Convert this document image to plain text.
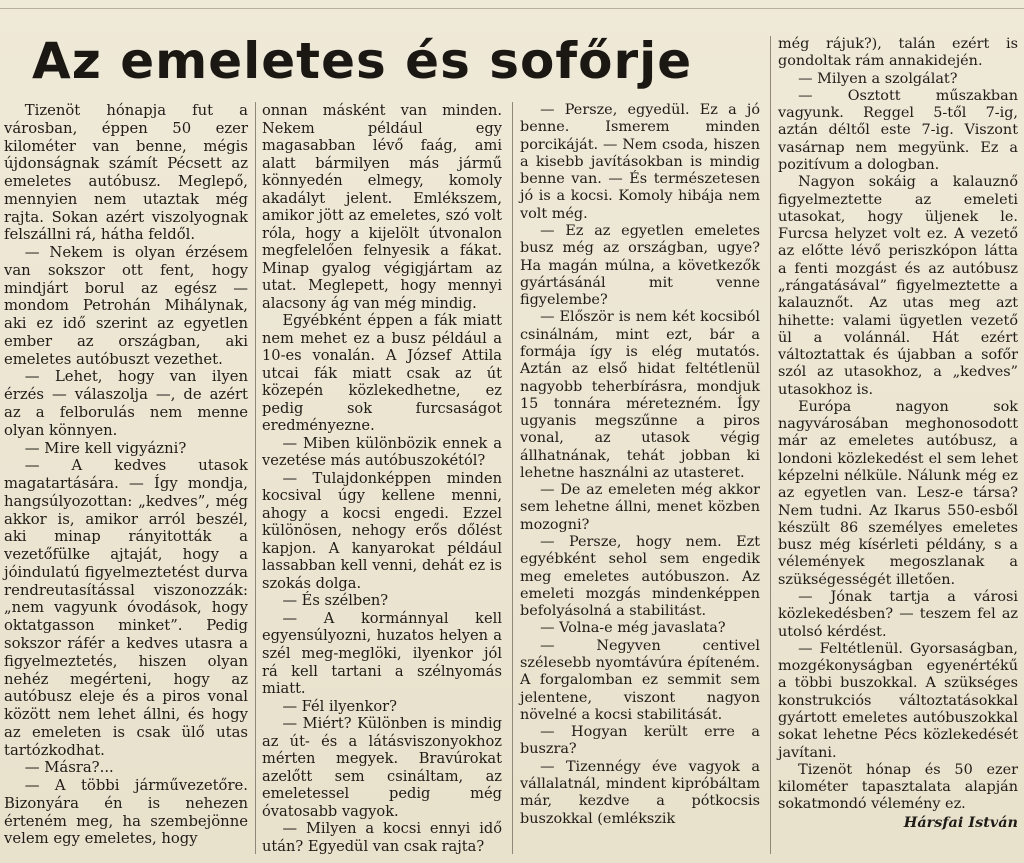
Az emeletes és sofőrje

Tizenöt hónapja fut a városban, éppen 50 ezer kilométer van benne, mégis újdonságnak számít Pécsett az emeletes autóbusz. Meglepő, mennyien nem utaztak még rajta. Sokan azért viszolyognak felszállni rá, hátha feldől.

— Nekem is olyan érzésem van sokszor ott fent, hogy mindjárt borul az egész — mondom Petrohán Mihálynak, aki ez idő szerint az egyetlen ember az országban, aki emeletes autóbuszt vezethet.

— Lehet, hogy van ilyen érzés — válaszolja —, de azért az a felborulás nem menne olyan könnyen.

— Mire kell vigyázni?

— A kedves utasok magatartására. — Így mondja, hangsúlyozottan: „kedves”, még akkor is, amikor arról beszél, aki minap rányitották a vezetőfülke ajtaját, hogy a jóindulatú figyelmeztetést durva rendreutasítással viszonozzák: „nem vagyunk óvodások, hogy oktatgasson minket”. Pedig sokszor ráfér a kedves utasra a figyelmeztetés, hiszen olyan nehéz megérteni, hogy az autóbusz eleje és a piros vonal között nem lehet állni, és hogy az emeleten is csak ülő utas tartózkodhat.

— Másra?...

— A többi járművezetőre. Bizonyára én is nehezen érteném meg, ha szembejönne velem egy emeletes, hogy

onnan másként van minden. Nekem például egy magasabban lévő faág, ami alatt bármilyen más jármű könnyedén elmegy, komoly akadályt jelent. Emlékszem, amikor jött az emeletes, szó volt róla, hogy a kijelölt útvonalon megfelelően felnyesik a fákat. Minap gyalog végigjártam az utat. Meglepett, hogy mennyi alacsony ág van még mindig.

Egyébként éppen a fák miatt nem mehet ez a busz például a 10-es vonalán. A József Attila utcai fák miatt csak az út közepén közlekedhetne, ez pedig sok furcsaságot eredményezne.

— Miben különbözik ennek a vezetése más autóbuszokétól?

— Tulajdonképpen minden kocsival úgy kellene menni, ahogy a kocsi engedi. Ezzel különösen, nehogy erős dőlést kapjon. A kanyarokat például lassabban kell venni, dehát ez is szokás dolga.

— És szélben?

— A kormánnyal kell egyensúlyozni, huzatos helyen a szél meg-meglöki, ilyenkor jól rá kell tartani a szélnyomás miatt.

— Fél ilyenkor?

— Miért? Különben is mindig az út- és a látásviszonyokhoz mérten megyek. Bravúrokat azelőtt sem csináltam, az emeletessel pedig még óvatosabb vagyok.

— Milyen a kocsi ennyi idő után? Egyedül van csak rajta?

— Persze, egyedül. Ez a jó benne. Ismerem minden porcikáját. — Nem csoda, hiszen a kisebb javításokban is mindig benne van. — És természetesen jó is a kocsi. Komoly hibája nem volt még.

— Ez az egyetlen emeletes busz még az országban, ugye? Ha magán múlna, a következők gyártásánál mit venne figyelembe?

— Először is nem két kocsiból csinálnám, mint ezt, bár a formája így is elég mutatós. Aztán az első hidat feltétlenül nagyobb teherbírásra, mondjuk 15 tonnára méretezném. Így ugyanis megszűnne a piros vonal, az utasok végig állhatnának, tehát jobban ki lehetne használni az utasteret.

— De az emeleten még akkor sem lehetne állni, menet közben mozogni?

— Persze, hogy nem. Ezt egyébként sehol sem engedik meg emeletes autóbuszon. Az emeleti mozgás mindenképpen befolyásolná a stabilitást.

— Volna-e még javaslata?

— Negyven centivel szélesebb nyomtávúra építeném. A forgalomban ez semmit sem jelentene, viszont nagyon növelné a kocsi stabilitását.

— Hogyan került erre a buszra?

— Tizennégy éve vagyok a vállalatnál, mindent kipróbáltam már, kezdve a pótkocsis buszokkal (emlékszik

még rájuk?), talán ezért is gondoltak rám annakidején.

— Milyen a szolgálat?

— Osztott műszakban vagyunk. Reggel 5-től 7-ig, aztán déltől este 7-ig. Viszont vasárnap nem megyünk. Ez a pozitívum a dologban.

Nagyon sokáig a kalauznő figyelmeztette az emeleti utasokat, hogy üljenek le. Furcsa helyzet volt ez. A vezető az előtte lévő periszkópon látta a fenti mozgást és az autóbusz „rángatásával” figyelmeztette a kalauznőt. Az utas meg azt hihette: valami ügyetlen vezető ül a volánnál. Hát ezért változtattak és újabban a sofőr szól az utasokhoz, a „kedves” utasokhoz is.

Európa nagyon sok nagyvárosában meghonosodott már az emeletes autóbusz, a londoni közlekedést el sem lehet képzelni nélküle. Nálunk még ez az egyetlen van. Lesz-e társa? Nem tudni. Az Ikarus 550-esből készült 86 személyes emeletes busz még kísérleti példány, s a vélemények megoszlanak a szükségességét illetően.

— Jónak tartja a városi közlekedésben? — teszem fel az utolsó kérdést.

— Feltétlenül. Gyorsaságban, mozgékonyságban egyenértékű a többi buszokkal. A szükséges konstrukciós változtatásokkal gyártott emeletes autóbuszokkal sokat lehetne Pécs közlekedését javítani.

Tizenöt hónap és 50 ezer kilométer tapasztalata alapján sokatmondó vélemény ez.

Hársfai István
